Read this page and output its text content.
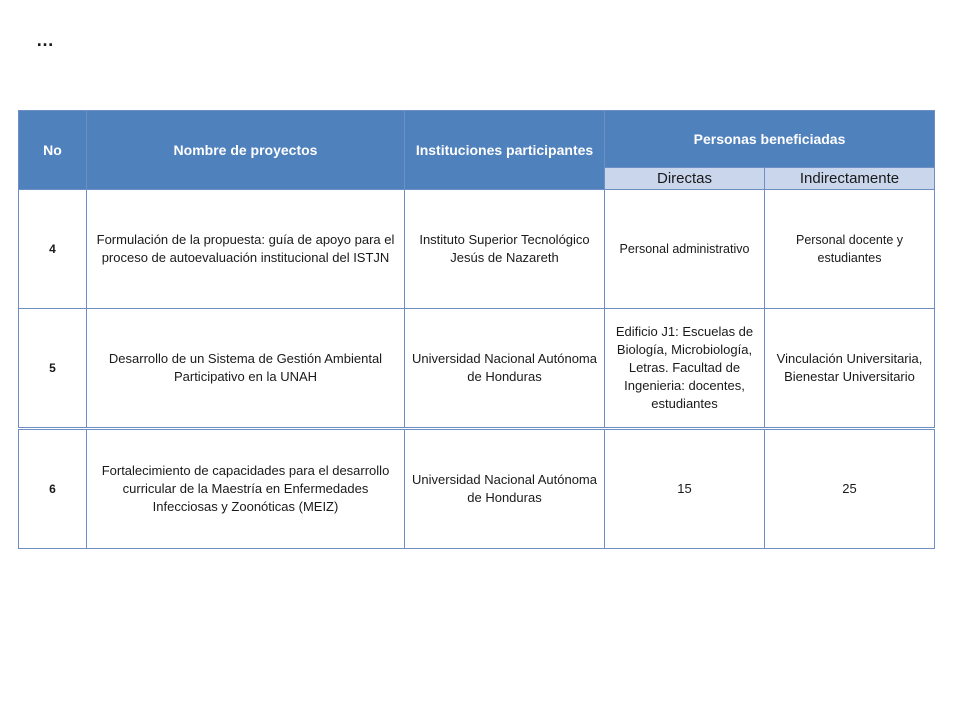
…
No	Nombre de proyectos	Instituciones participantes	Personas beneficiadas	
			Directas	Indirectamente
4	Formulación de la propuesta: guía de apoyo para el proceso de autoevaluación institucional del ISTJN	Instituto Superior Tecnológico Jesús de Nazareth	Personal administrativo	Personal docente y estudiantes
5	Desarrollo de un Sistema de Gestión Ambiental Participativo en la UNAH	Universidad Nacional Autónoma de Honduras	Edificio J1: Escuelas de Biología, Microbiología, Letras. Facultad de Ingenieria: docentes, estudiantes	Vinculación Universitaria, Bienestar Universitario
6	Fortalecimiento de capacidades para el desarrollo curricular de la Maestría en Enfermedades Infecciosas y Zoonóticas (MEIZ)	Universidad Nacional Autónoma de Honduras	15	25
